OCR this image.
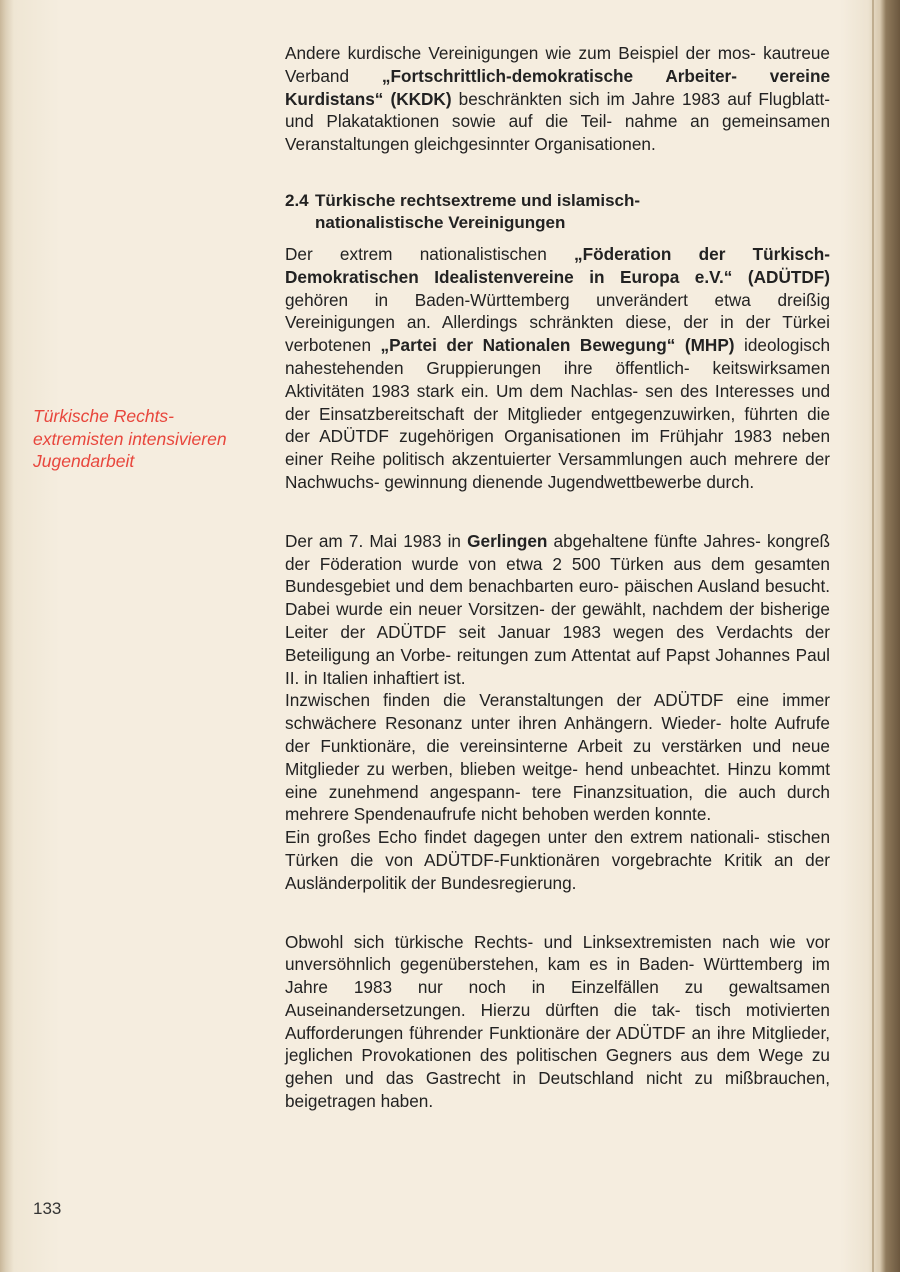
Türkische Rechts- extremisten intensivieren Jugendarbeit

Andere kurdische Vereinigungen wie zum Beispiel der mos- kautreue Verband „Fortschrittlich-demokratische Arbeiter- vereine Kurdistans“ (KKDK) beschränkten sich im Jahre 1983 auf Flugblatt- und Plakataktionen sowie auf die Teil- nahme an gemeinsamen Veranstaltungen gleichgesinnter Organisationen.

2.4 Türkische rechtsextreme und islamisch-
nationalistische Vereinigungen

Der extrem nationalistischen „Föderation der Türkisch- Demokratischen Idealistenvereine in Europa e.V.“ (ADÜTDF) gehören in Baden-Württemberg unverändert etwa dreißig Vereinigungen an. Allerdings schränkten diese, der in der Türkei verbotenen „Partei der Nationalen Bewegung“ (MHP) ideologisch nahestehenden Gruppierungen ihre öffentlich- keitswirksamen Aktivitäten 1983 stark ein. Um dem Nachlas- sen des Interesses und der Einsatzbereitschaft der Mitglieder entgegenzuwirken, führten die der ADÜTDF zugehörigen Organisationen im Frühjahr 1983 neben einer Reihe politisch akzentuierter Versammlungen auch mehrere der Nachwuchs- gewinnung dienende Jugendwettbewerbe durch.

Der am 7. Mai 1983 in Gerlingen abgehaltene fünfte Jahres- kongreß der Föderation wurde von etwa 2 500 Türken aus dem gesamten Bundesgebiet und dem benachbarten euro- päischen Ausland besucht. Dabei wurde ein neuer Vorsitzen- der gewählt, nachdem der bisherige Leiter der ADÜTDF seit Januar 1983 wegen des Verdachts der Beteiligung an Vorbe- reitungen zum Attentat auf Papst Johannes Paul II. in Italien inhaftiert ist.

Inzwischen finden die Veranstaltungen der ADÜTDF eine immer schwächere Resonanz unter ihren Anhängern. Wieder- holte Aufrufe der Funktionäre, die vereinsinterne Arbeit zu verstärken und neue Mitglieder zu werben, blieben weitge- hend unbeachtet. Hinzu kommt eine zunehmend angespann- tere Finanzsituation, die auch durch mehrere Spendenaufrufe nicht behoben werden konnte.

Ein großes Echo findet dagegen unter den extrem nationali- stischen Türken die von ADÜTDF-Funktionären vorgebrachte Kritik an der Ausländerpolitik der Bundesregierung.

Obwohl sich türkische Rechts- und Linksextremisten nach wie vor unversöhnlich gegenüberstehen, kam es in Baden- Württemberg im Jahre 1983 nur noch in Einzelfällen zu gewaltsamen Auseinandersetzungen. Hierzu dürften die tak- tisch motivierten Aufforderungen führender Funktionäre der ADÜTDF an ihre Mitglieder, jeglichen Provokationen des politischen Gegners aus dem Wege zu gehen und das Gastrecht in Deutschland nicht zu mißbrauchen, beigetragen haben.

133
